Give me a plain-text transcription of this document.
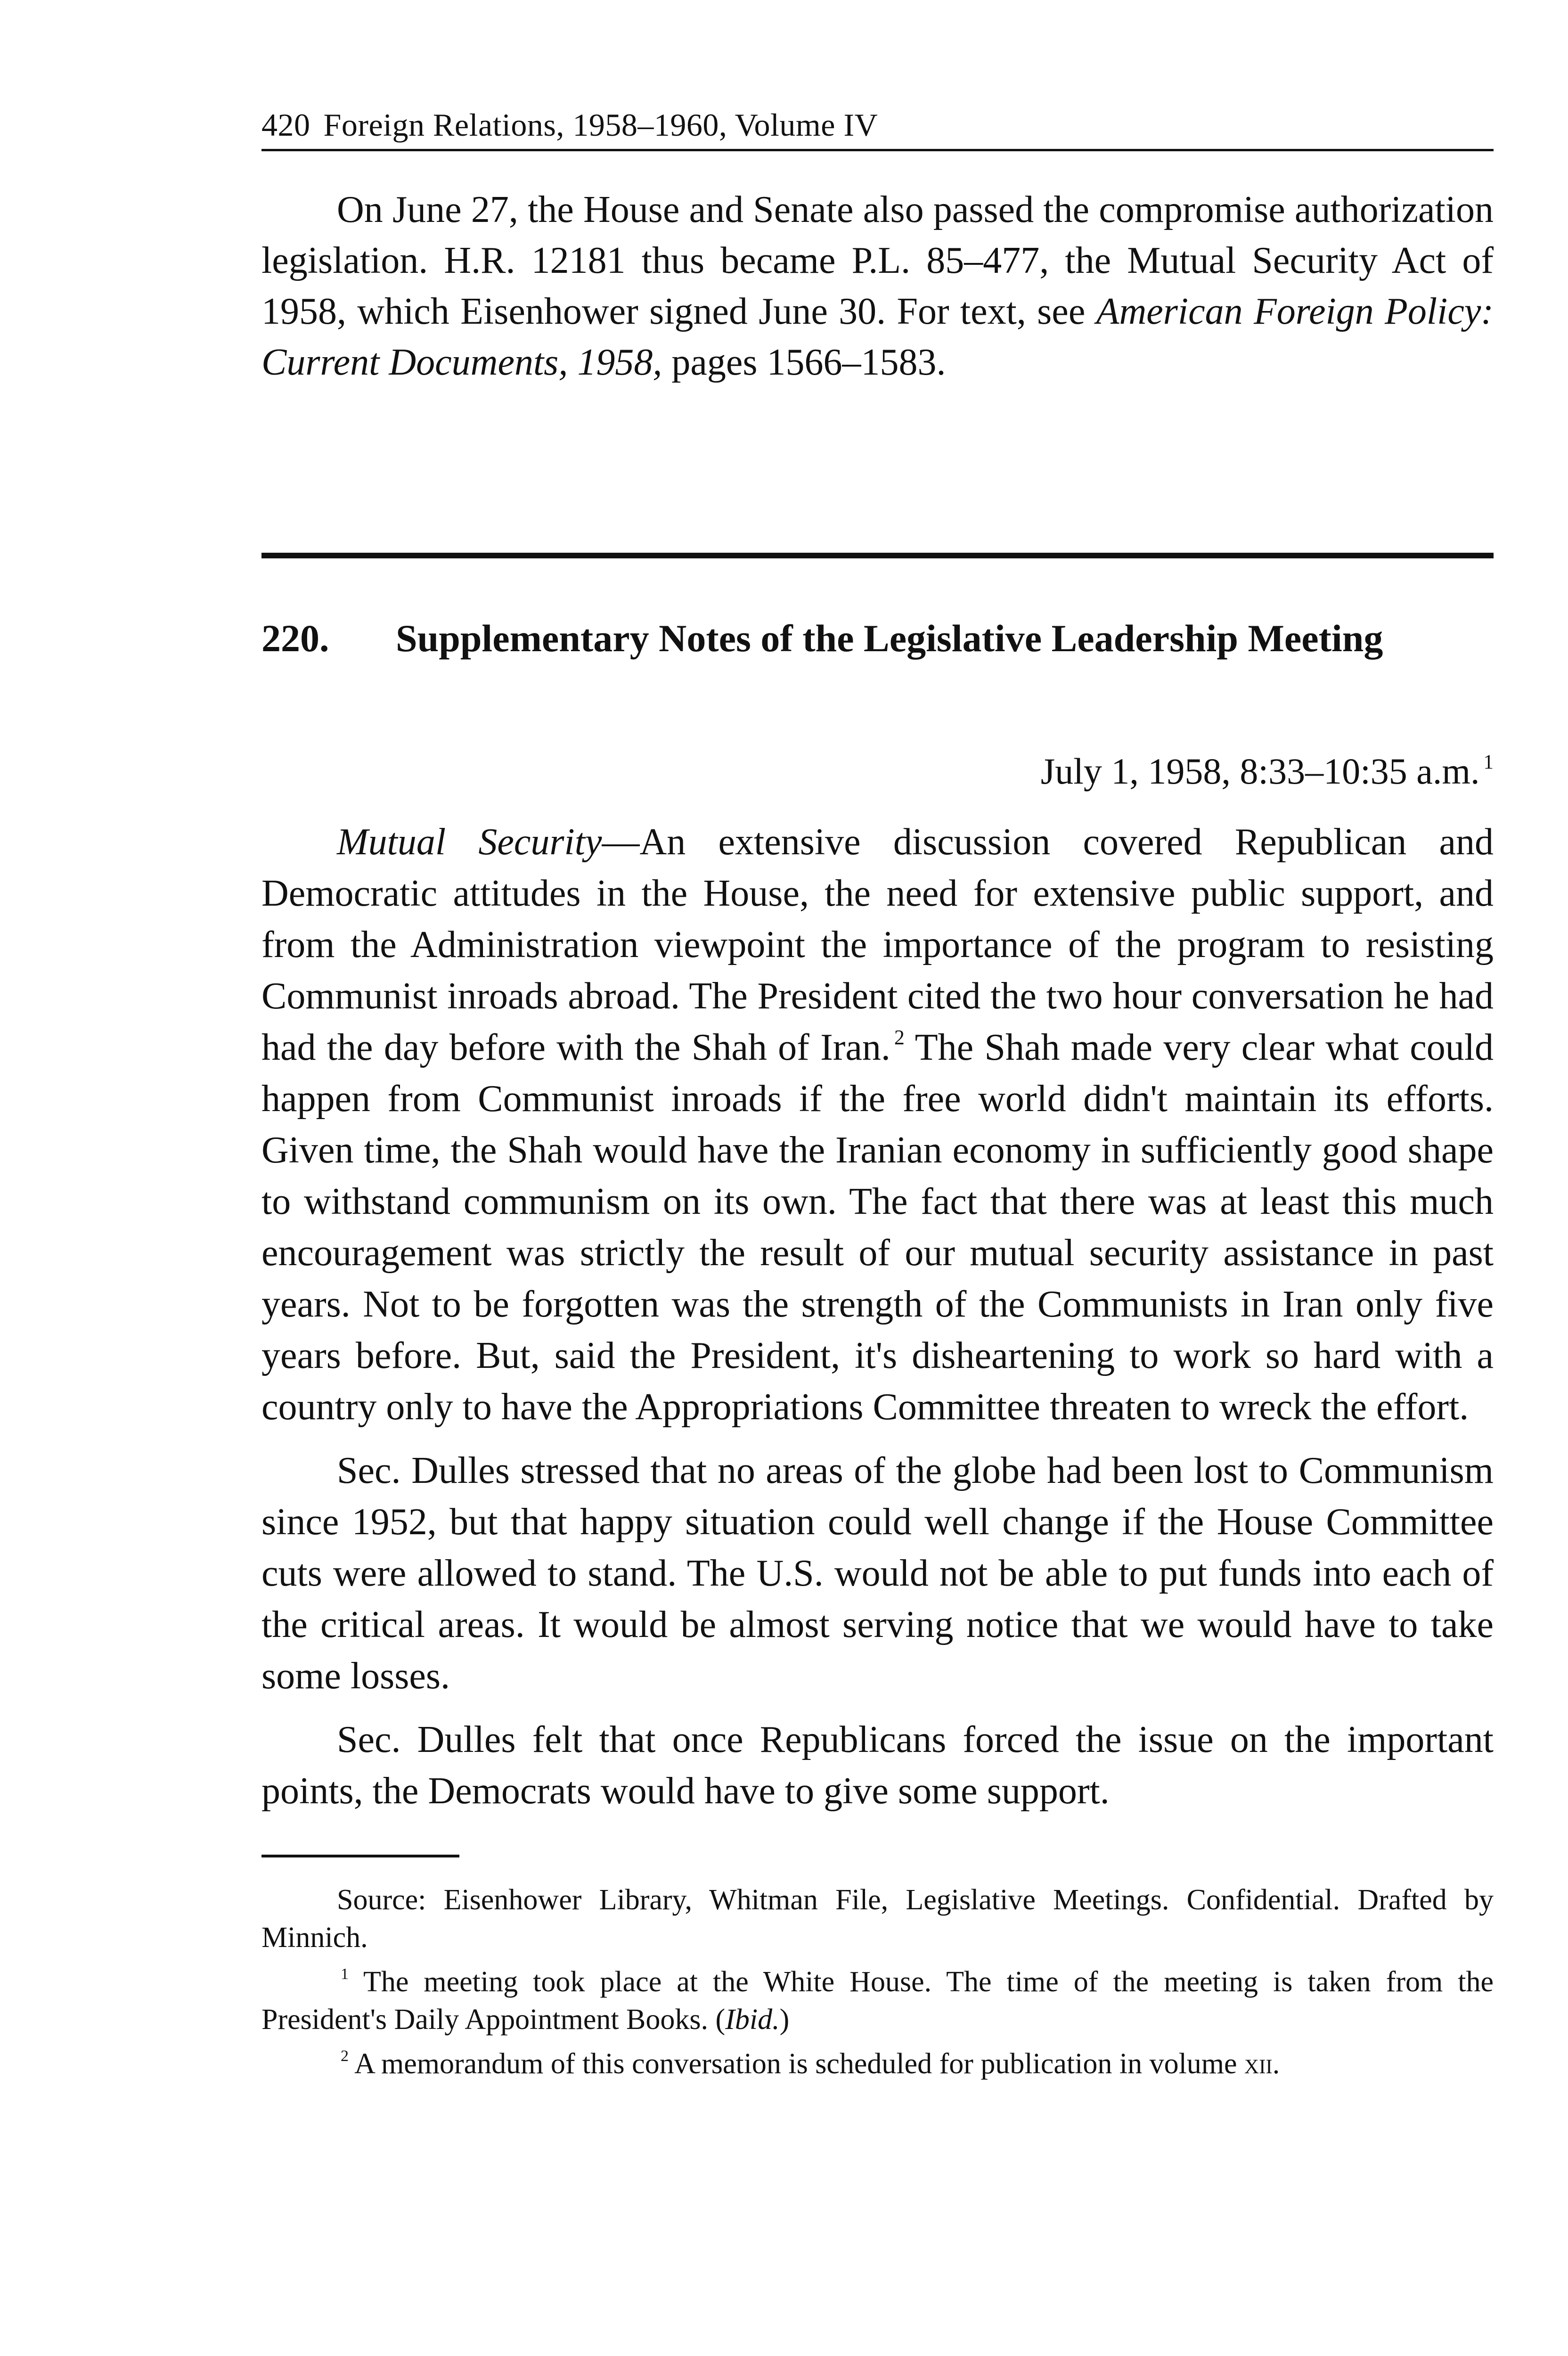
420 Foreign Relations, 1958–1960, Volume IV

On June 27, the House and Senate also passed the compromise authorization legislation. H.R. 12181 thus became P.L. 85–477, the Mutual Security Act of 1958, which Eisenhower signed June 30. For text, see American Foreign Policy: Current Documents, 1958, pages 1566–1583.

220.	Supplementary Notes of the Legislative Leadership Meeting
July 1, 1958, 8:33–10:35 a.m. $^1$

Mutual Security—An extensive discussion covered Republican and Democratic attitudes in the House, the need for extensive public support, and from the Administration viewpoint the importance of the program to resisting Communist inroads abroad. The President cited the two hour conversation he had had the day before with the Shah of Iran. $^2$ The Shah made very clear what could happen from Communist inroads if the free world didn't maintain its efforts. Given time, the Shah would have the Iranian economy in sufficiently good shape to withstand communism on its own. The fact that there was at least this much encouragement was strictly the result of our mutual security assistance in past years. Not to be forgotten was the strength of the Communists in Iran only five years before. But, said the President, it's disheartening to work so hard with a country only to have the Appropriations Committee threaten to wreck the effort.

Sec. Dulles stressed that no areas of the globe had been lost to Communism since 1952, but that happy situation could well change if the House Committee cuts were allowed to stand. The U.S. would not be able to put funds into each of the critical areas. It would be almost serving notice that we would have to take some losses.

Sec. Dulles felt that once Republicans forced the issue on the important points, the Democrats would have to give some support.

Source: Eisenhower Library, Whitman File, Legislative Meetings. Confidential. Drafted by Minnich.

$^1$ The meeting took place at the White House. The time of the meeting is taken from the President's Daily Appointment Books. (Ibid.)

$^2$ A memorandum of this conversation is scheduled for publication in volume xii.
